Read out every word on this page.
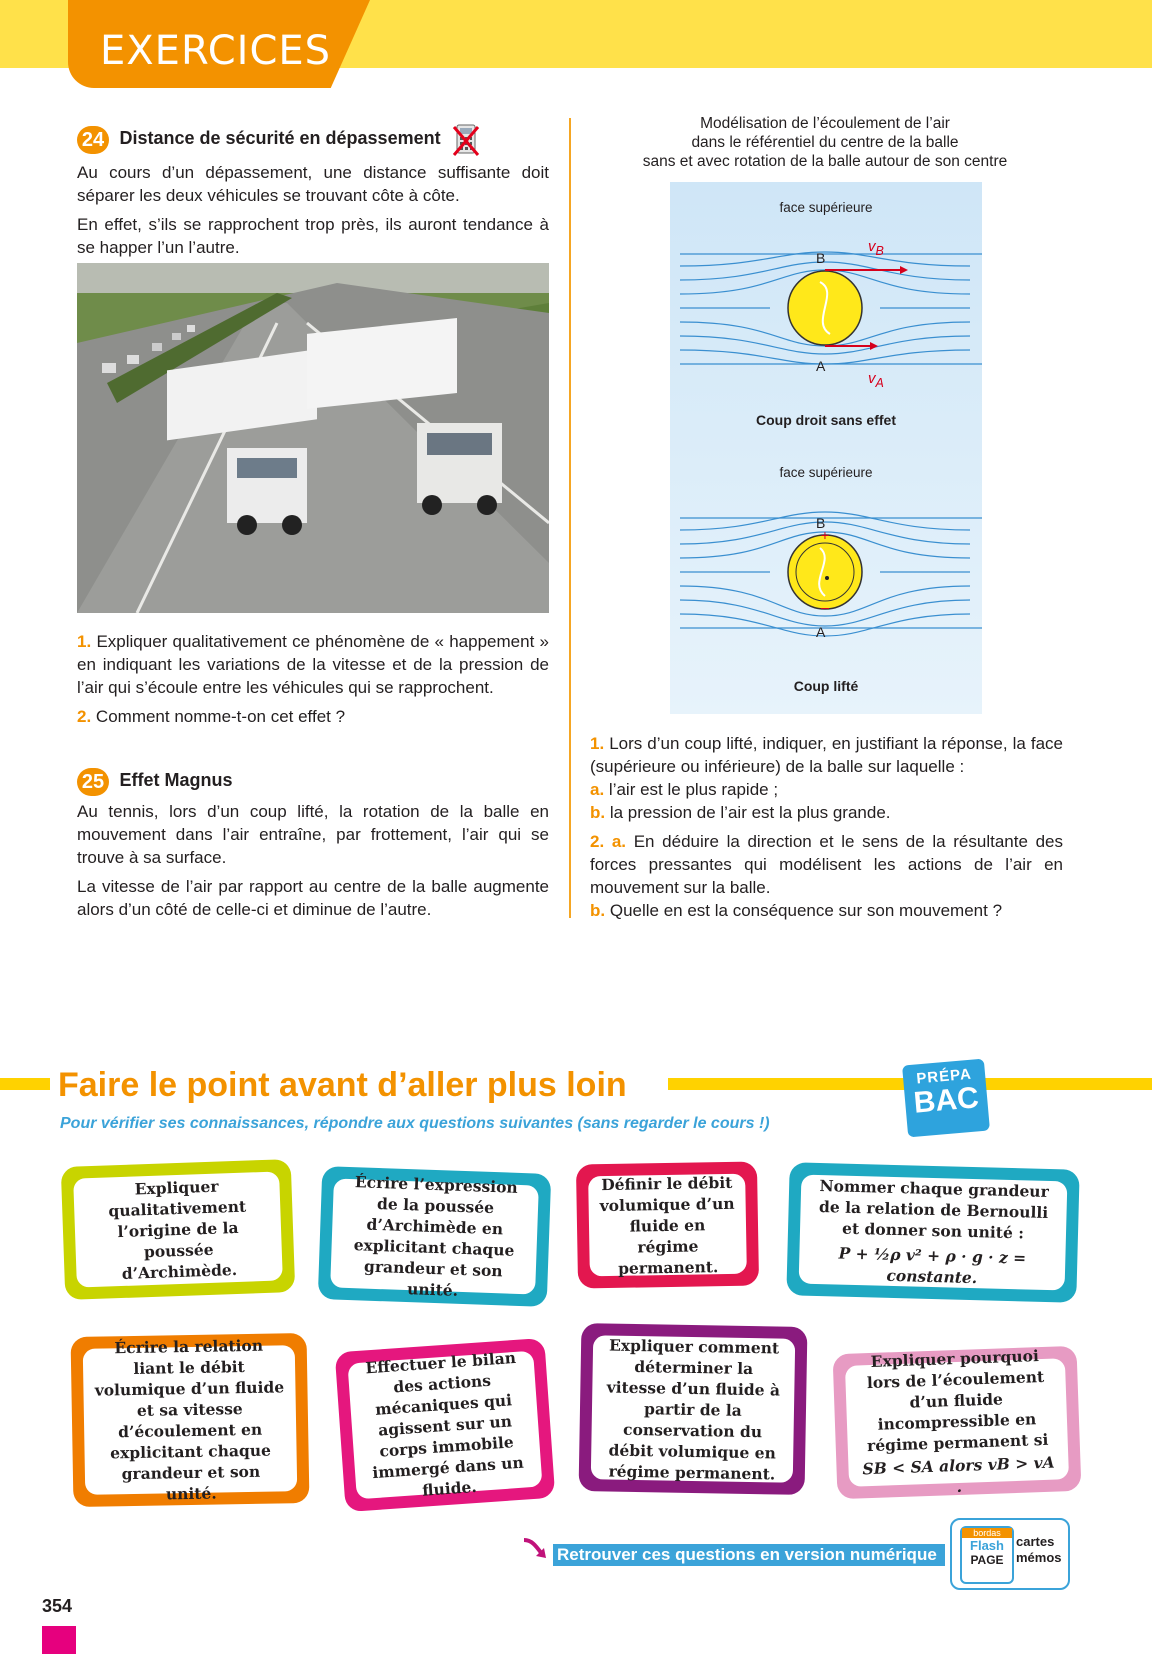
EXERCICES
24 Distance de sécurité en dépassement
Au cours d’un dépassement, une distance suffisante doit séparer les deux véhicules se trouvant côte à côte.
En effet, s’ils se rapprochent trop près, ils auront tendance à se happer l’un l’autre.
1. Expliquer qualitativement ce phénomène de « happement » en indiquant les variations de la vitesse et de la pression de l’air qui s’écoule entre les véhicules qui se rapprochent.
2. Comment nomme-t-on cet effet ?
25 Effet Magnus
Au tennis, lors d’un coup lifté, la rotation de la balle en mouvement dans l’air entraîne, par frottement, l’air qui se trouve à sa surface.
La vitesse de l’air par rapport au centre de la balle augmente alors d’un côté de celle-ci et diminue de l’autre.
Modélisation de l’écoulement de l’air
dans le référentiel du centre de la balle
sans et avec rotation de la balle autour de son centre
+
–
face supérieure
B
A
$v_B$
$v_A$
Coup droit sans effet
face supérieure
B
A
Coup lifté
1. Lors d’un coup lifté, indiquer, en justifiant la réponse, la face (supérieure ou inférieure) de la balle sur laquelle :
a. l’air est le plus rapide ;
b. la pression de l’air est la plus grande.
2. a. En déduire la direction et le sens de la résultante des forces pressantes qui modélisent les actions de l’air en mouvement sur la balle.
b. Quelle en est la conséquence sur son mouvement ?
Faire le point avant d’aller plus loin
Pour vérifier ses connaissances, répondre aux questions suivantes (sans regarder le cours !)
PRÉPA
BAC
Expliquer qualitativement l’origine de la poussée d’Archimède.
Écrire l’expression de la poussée d’Archimède en explicitant chaque grandeur et son unité.
Définir le débit volumique d’un fluide en régime permanent.
Nommer chaque grandeur de la relation de Bernoulli et donner son unité :
P + ½ρ v² + ρ · g · z = constante.
Écrire la relation liant le débit volumique d’un fluide et sa vitesse d’écoulement en explicitant chaque grandeur et son unité.
Effectuer le bilan des actions mécaniques qui agissent sur un corps immobile immergé dans un fluide.
Expliquer comment déterminer la vitesse d’un fluide à partir de la conservation du débit volumique en régime permanent.
Expliquer pourquoi lors de l’écoulement d’un fluide incompressible en régime permanent si
SB < SA alors vB > vA .
Retrouver ces questions en version numérique
bordas
Flash
PAGE
cartes
mémos
354
